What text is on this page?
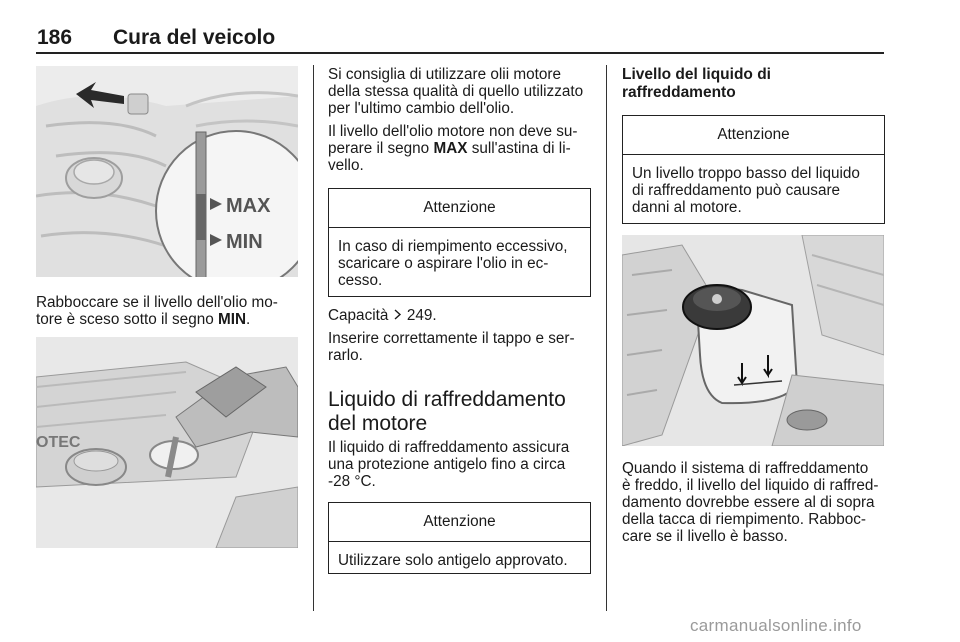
186 Cura del veicolo
MAX
MIN
Rabboccare se il livello dell'olio mo-
tore è sceso sotto il segno MIN.
OTEC

Si consiglia di utilizzare olii motore
della stessa qualità di quello utilizzato
per l'ultimo cambio dell'olio.

Il livello dell'olio motore non deve su-
perare il segno MAX sull'astina di li-
vello.

Attenzione
In caso di riempimento eccessivo,
scaricare o aspirare l'olio in ec-
cesso.

Capacità  249.

Inserire correttamente il tappo e ser-
rarlo.

Liquido di raffreddamento
del motore
Il liquido di raffreddamento assicura
una protezione antigelo fino a circa
-28 °C.
Attenzione
Utilizzare solo antigelo approvato.
Livello del liquido di
raffreddamento
Attenzione
Un livello troppo basso del liquido
di raffreddamento può causare
danni al motore.
Quando il sistema di raffreddamento
è freddo, il livello del liquido di raffred-
damento dovrebbe essere al di sopra
della tacca di riempimento. Rabboc-
care se il livello è basso.
carmanualsonline.info
